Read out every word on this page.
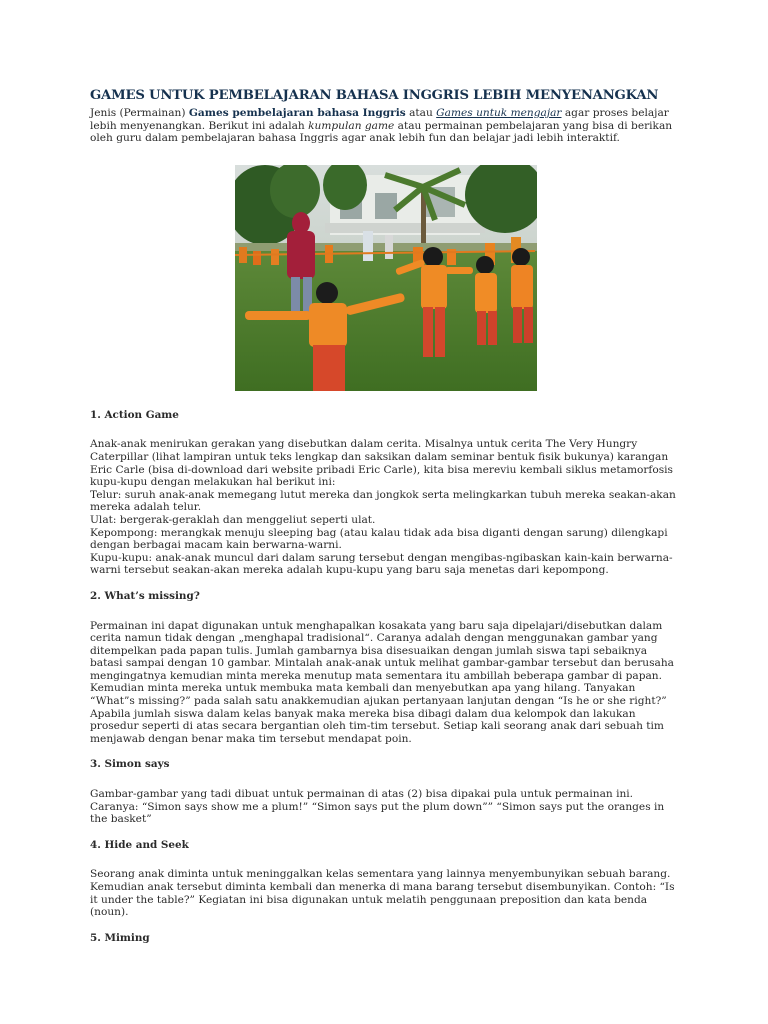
GAMES UNTUK PEMBELAJARAN BAHASA INGGRIS LEBIH MENYENANGKAN

Jenis (Permainan) Games pembelajaran bahasa Inggris atau Games untuk mengajar agar proses belajar lebih menyenangkan. Berikut ini adalah kumpulan game atau permainan pembelajaran yang bisa di berikan oleh guru dalam pembelajaran bahasa Inggris agar anak lebih fun dan belajar jadi lebih interaktif.

1. Action Game

Anak-anak menirukan gerakan yang disebutkan dalam cerita. Misalnya untuk cerita The Very Hungry Caterpillar (lihat lampiran untuk teks lengkap dan saksikan dalam seminar bentuk fisik bukunya) karangan Eric Carle (bisa di-download dari website pribadi Eric Carle), kita bisa mereviu kembali siklus metamorfosis kupu-kupu dengan melakukan hal berikut ini:

Telur: suruh anak-anak memegang lutut mereka dan jongkok serta melingkarkan tubuh mereka seakan-akan mereka adalah telur.

Ulat: bergerak-geraklah dan menggeliut seperti ulat.

Kepompong: merangkak menuju sleeping bag (atau kalau tidak ada bisa diganti dengan sarung) dilengkapi dengan berbagai macam kain berwarna-warni.

Kupu-kupu: anak-anak muncul dari dalam sarung tersebut dengan mengibas-ngibaskan kain-kain berwarna-warni tersebut seakan-akan mereka adalah kupu-kupu yang baru saja menetas dari kepompong.

2. What’s missing?

Permainan ini dapat digunakan untuk menghapalkan kosakata yang baru saja dipelajari/disebutkan dalam cerita namun tidak dengan „menghapal tradisional“. Caranya adalah dengan menggunakan gambar yang ditempelkan pada papan tulis. Jumlah gambarnya bisa disesuaikan dengan jumlah siswa tapi sebaiknya batasi sampai dengan 10 gambar. Mintalah anak-anak untuk melihat gambar-gambar tersebut dan berusaha mengingatnya kemudian minta mereka menutup mata sementara itu ambillah beberapa gambar di papan. Kemudian minta mereka untuk membuka mata kembali dan menyebutkan apa yang hilang. Tanyakan “What”s missing?” pada salah satu anakkemudian ajukan pertanyaan lanjutan dengan “Is he or she right?” Apabila jumlah siswa dalam kelas banyak maka mereka bisa dibagi dalam dua kelompok dan lakukan prosedur seperti di atas secara bergantian oleh tim-tim tersebut. Setiap kali seorang anak dari sebuah tim menjawab dengan benar maka tim tersebut mendapat poin.

3. Simon says

Gambar-gambar yang tadi dibuat untuk permainan di atas (2) bisa dipakai pula untuk permainan ini. Caranya: “Simon says show me a plum!” “Simon says put the plum down”” “Simon says put the oranges in the basket”

4. Hide and Seek

Seorang anak diminta untuk meninggalkan kelas sementara yang lainnya menyembunyikan sebuah barang. Kemudian anak tersebut diminta kembali dan menerka di mana barang tersebut disembunyikan. Contoh: “Is it under the table?” Kegiatan ini bisa digunakan untuk melatih penggunaan preposition dan kata benda (noun).

5. Miming
